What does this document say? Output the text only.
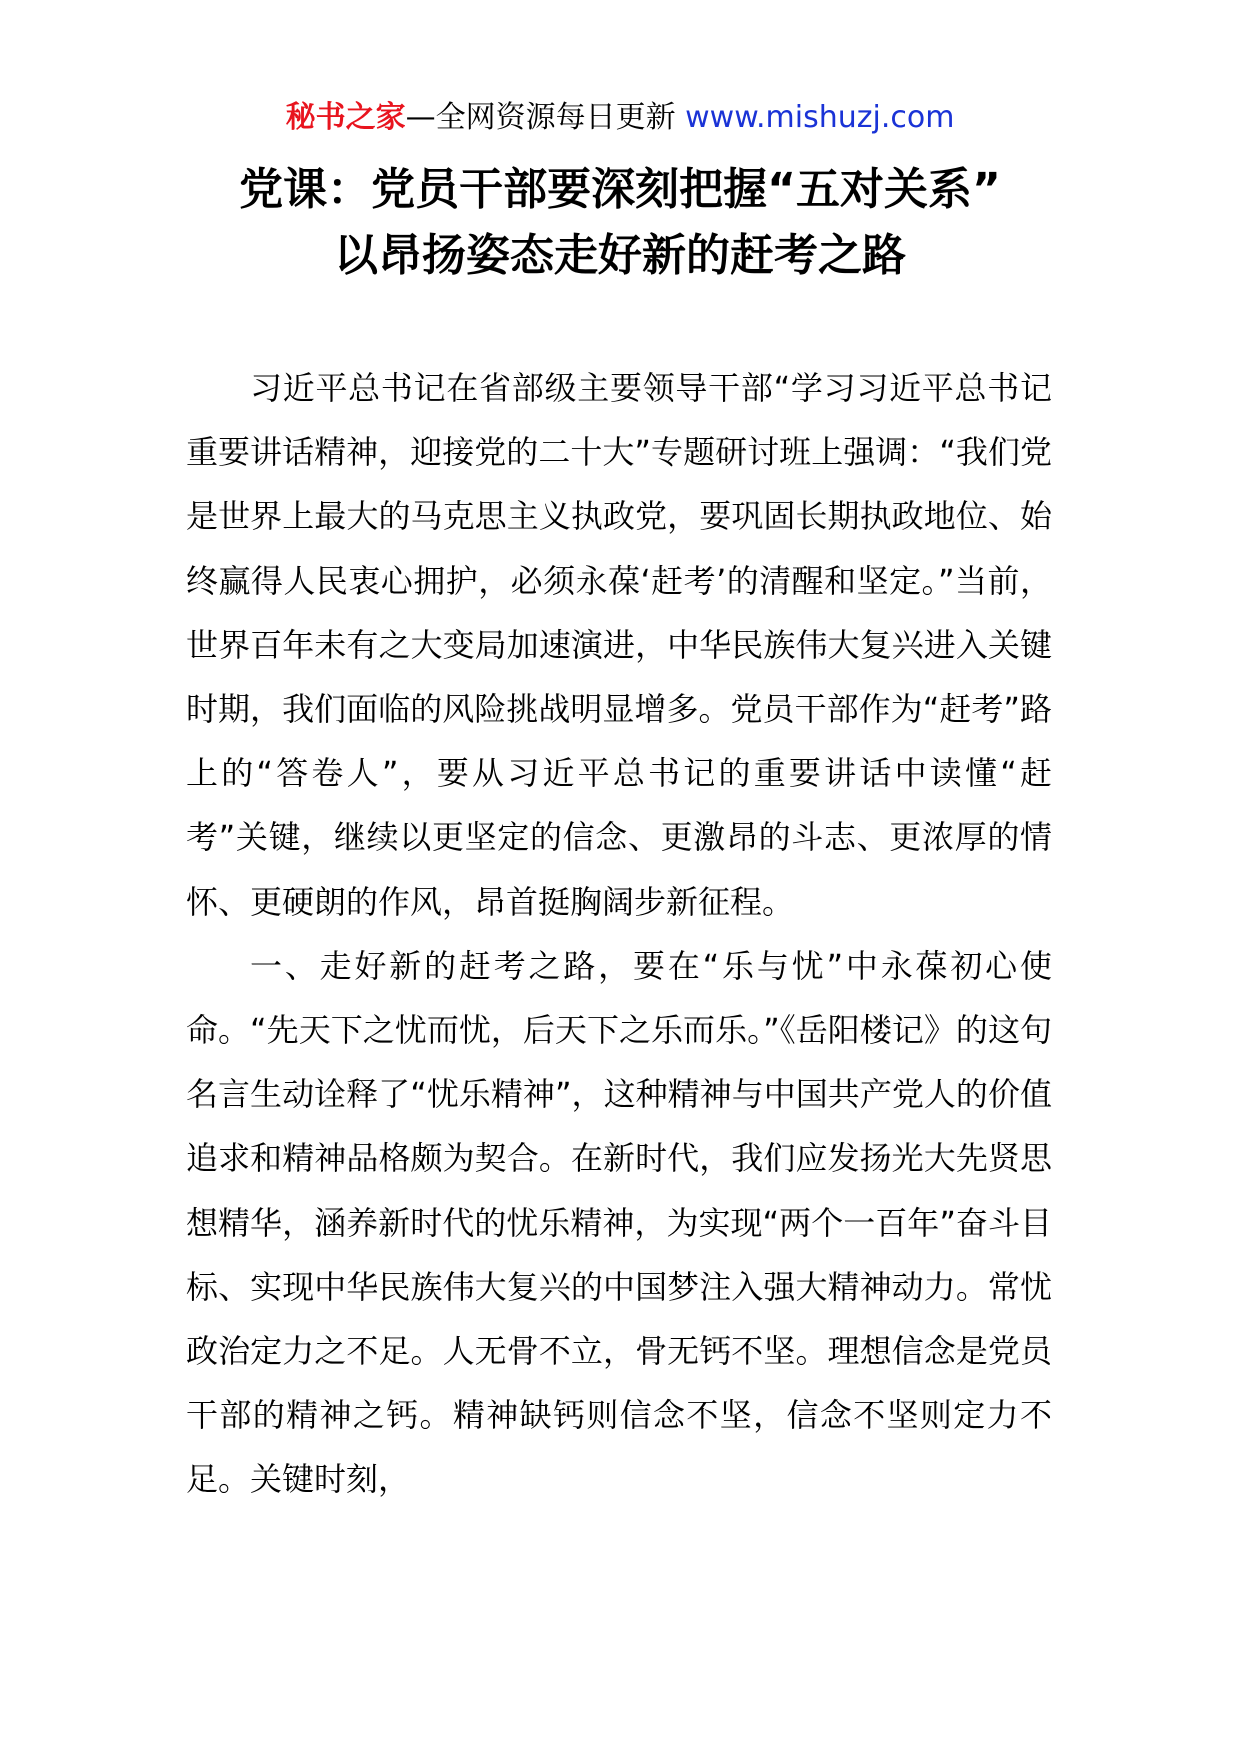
秘书之家—全网资源每日更新 www.mishuzj.com
党课：党员干部要深刻把握“五对关系”
以昂扬姿态走好新的赶考之路

习近平总书记在省部级主要领导干部“学习习近平总书记重要讲话精神，迎接党的二十大”专题研讨班上强调：“我们党是世界上最大的马克思主义执政党，要巩固长期执政地位、始终赢得人民衷心拥护，必须永葆‘赶考’的清醒和坚定。”当前，世界百年未有之大变局加速演进，中华民族伟大复兴进入关键时期，我们面临的风险挑战明显增多。党员干部作为“赶考”路上的“答卷人”，要从习近平总书记的重要讲话中读懂“赶考”关键，继续以更坚定的信念、更激昂的斗志、更浓厚的情怀、更硬朗的作风，昂首挺胸阔步新征程。

一、走好新的赶考之路，要在“乐与忧”中永葆初心使命。“先天下之忧而忧，后天下之乐而乐。”《岳阳楼记》的这句名言生动诠释了“忧乐精神”，这种精神与中国共产党人的价值追求和精神品格颇为契合。在新时代，我们应发扬光大先贤思想精华，涵养新时代的忧乐精神，为实现“两个一百年”奋斗目标、实现中华民族伟大复兴的中国梦注入强大精神动力。常忧政治定力之不足。人无骨不立，骨无钙不坚。理想信念是党员干部的精神之钙。精神缺钙则信念不坚，信念不坚则定力不足。关键时刻，
